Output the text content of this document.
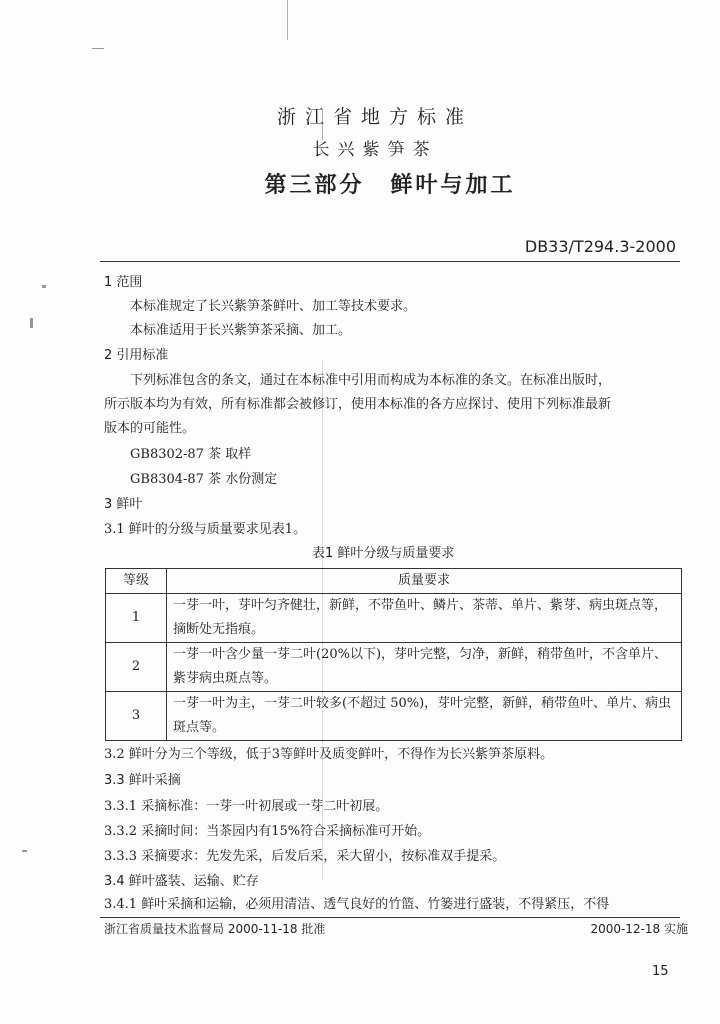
浙江省地方标准
长兴紫笋茶
第三部分 鲜叶与加工
DB33/T294.3-2000
1 范围
本标准规定了长兴紫笋茶鲜叶、加工等技术要求。
本标准适用于长兴紫笋茶采摘、加工。
2 引用标准
下列标准包含的条文，通过在本标准中引用而构成为本标准的条文。在标准出版时，
所示版本均为有效，所有标准都会被修订，使用本标准的各方应探讨、使用下列标准最新
版本的可能性。
GB8302-87 茶 取样
GB8304-87 茶 水份测定
3 鲜叶
3.1 鲜叶的分级与质量要求见表1。
表1 鲜叶分级与质量要求
等级	质量要求
1	一芽一叶，芽叶匀齐健壮，新鲜，不带鱼叶、鳞片、茶蒂、单片、紫芽、病虫斑点等，摘断处无指痕。
2	一芽一叶含少量一芽二叶(20%以下)，芽叶完整，匀净，新鲜，稍带鱼叶，不含单片、紫芽病虫斑点等。
3	一芽一叶为主，一芽二叶较多(不超过 50%)，芽叶完整，新鲜，稍带鱼叶、单片、病虫斑点等。
3.2 鲜叶分为三个等级，低于3等鲜叶及质变鲜叶，不得作为长兴紫笋茶原料。
3.3 鲜叶采摘
3.3.1 采摘标准：一芽一叶初展或一芽二叶初展。
3.3.2 采摘时间：当茶园内有15%符合采摘标准可开始。
3.3.3 采摘要求：先发先采，后发后采，采大留小，按标准双手提采。
3.4 鲜叶盛装、运输、贮存
3.4.1 鲜叶采摘和运输，必须用清洁、透气良好的竹篮、竹篓进行盛装，不得紧压，不得
浙江省质量技术监督局 2000-11-18 批准	2000-12-18 实施
15
